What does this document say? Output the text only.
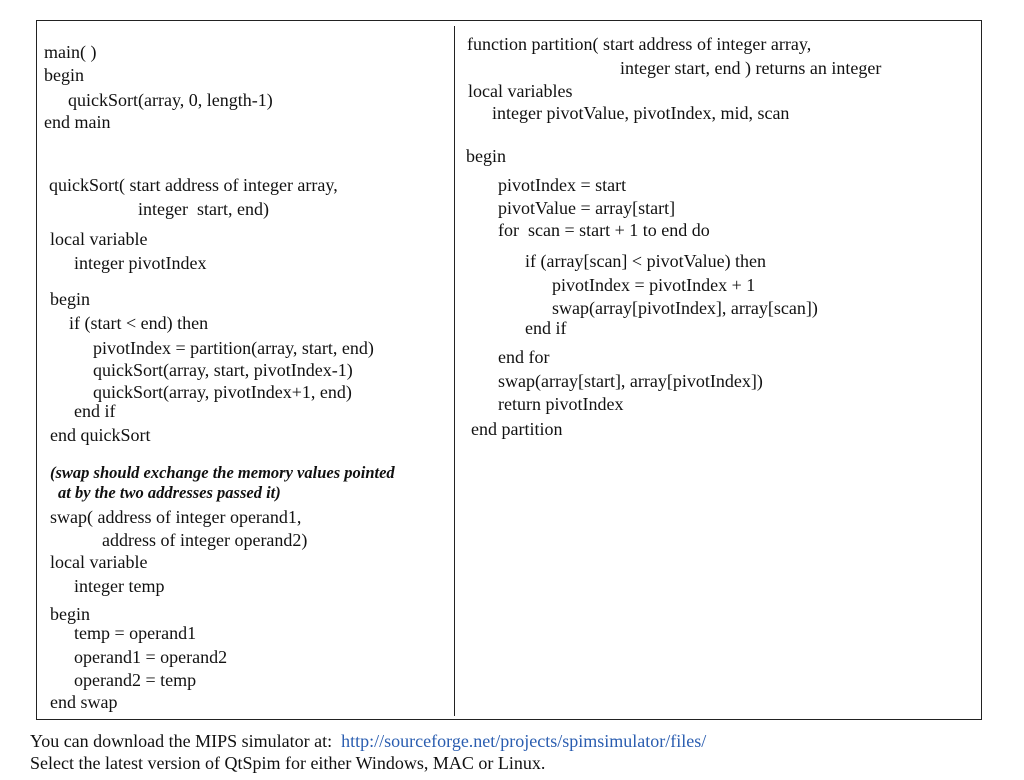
main( )
begin
quickSort(array, 0, length-1)
end main
quickSort( start address of integer array,
integer  start, end)
local variable
integer pivotIndex
begin
if (start < end) then
pivotIndex = partition(array, start, end)
quickSort(array, start, pivotIndex-1)
quickSort(array, pivotIndex+1, end)
end if
end quickSort
(swap should exchange the memory values pointed
at by the two addresses passed it)
swap( address of integer operand1,
address of integer operand2)
local variable
integer temp
begin
temp = operand1
operand1 = operand2
operand2 = temp
end swap
function partition( start address of integer array,
integer start, end ) returns an integer
local variables
integer pivotValue, pivotIndex, mid, scan
begin
pivotIndex = start
pivotValue = array[start]
for  scan = start + 1 to end do
if (array[scan] < pivotValue) then
pivotIndex = pivotIndex + 1
swap(array[pivotIndex], array[scan])
end if
end for
swap(array[start], array[pivotIndex])
return pivotIndex
end partition
You can download the MIPS simulator at: http://sourceforge.net/projects/spimsimulator/files/
Select the latest version of QtSpim for either Windows, MAC or Linux.
